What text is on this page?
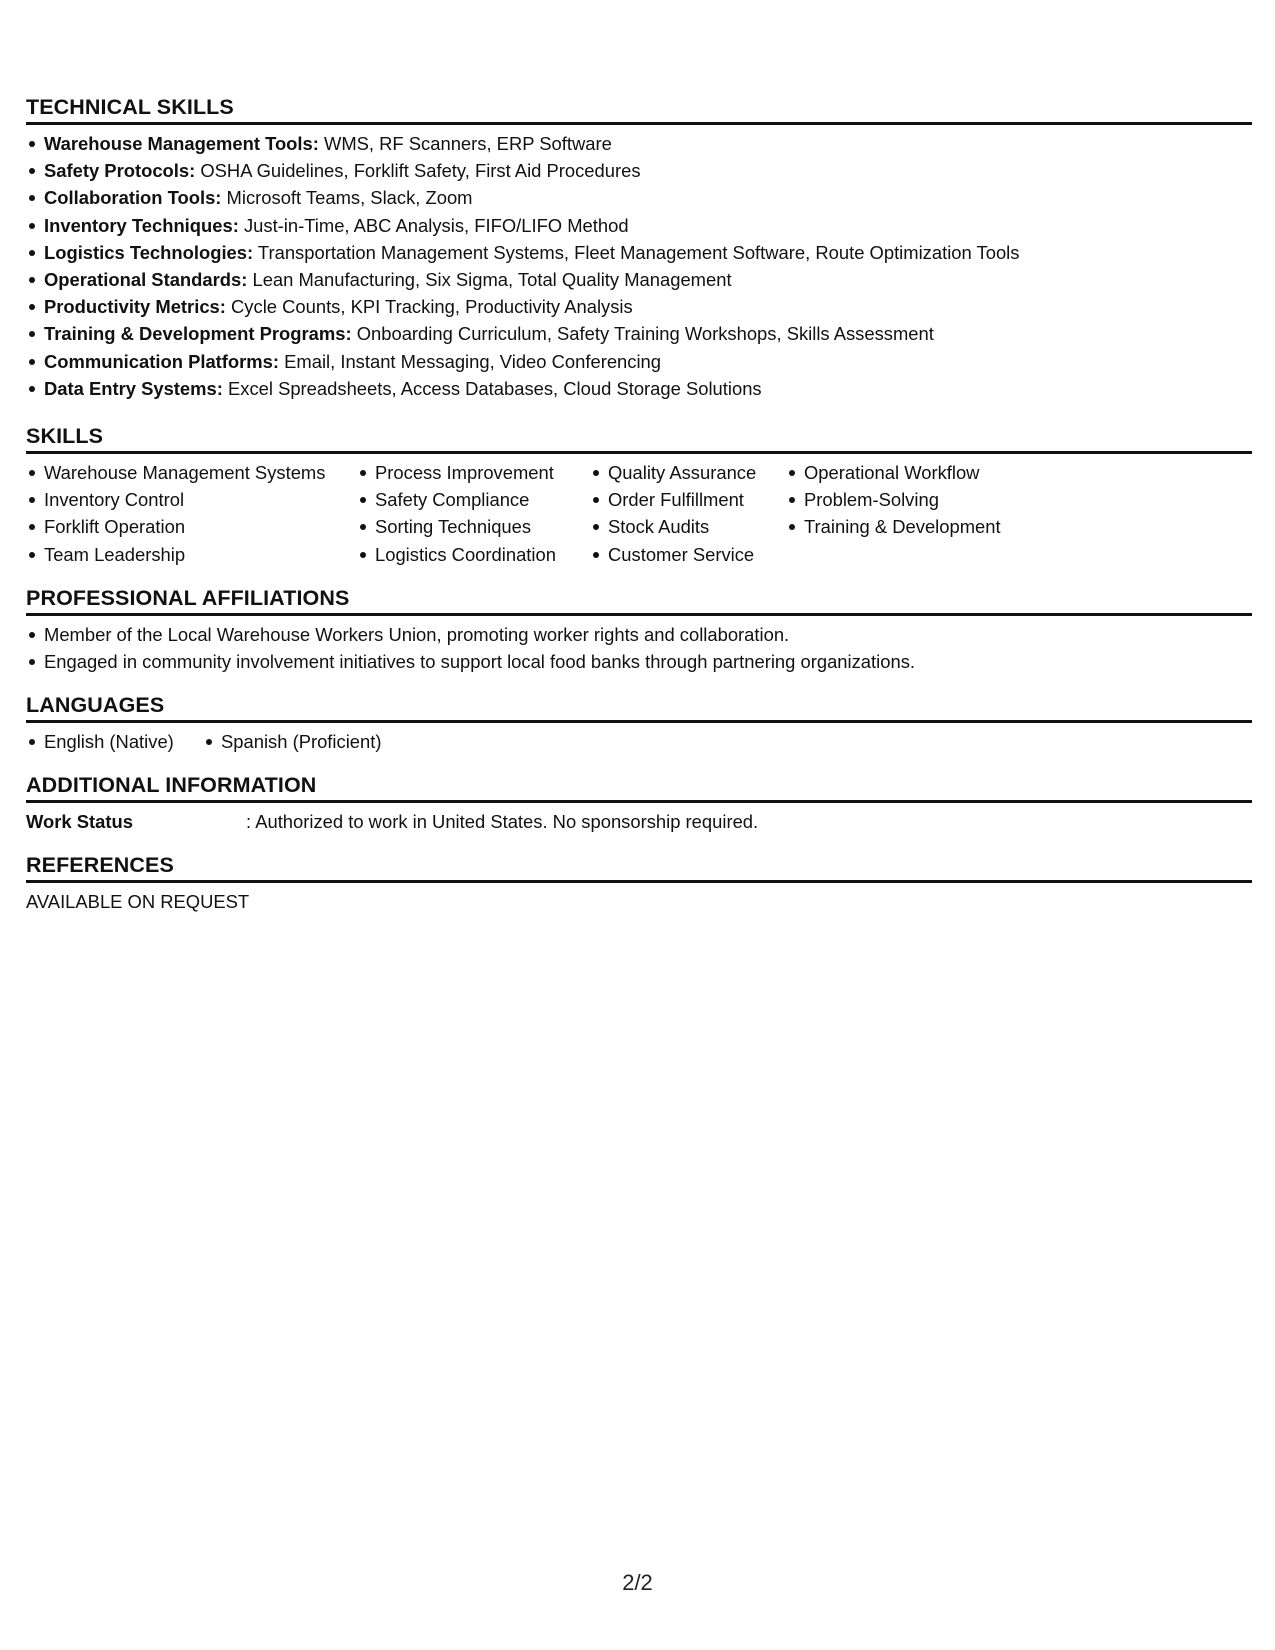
TECHNICAL SKILLS
Warehouse Management Tools: WMS, RF Scanners, ERP Software
Safety Protocols: OSHA Guidelines, Forklift Safety, First Aid Procedures
Collaboration Tools: Microsoft Teams, Slack, Zoom
Inventory Techniques: Just-in-Time, ABC Analysis, FIFO/LIFO Method
Logistics Technologies: Transportation Management Systems, Fleet Management Software, Route Optimization Tools
Operational Standards: Lean Manufacturing, Six Sigma, Total Quality Management
Productivity Metrics: Cycle Counts, KPI Tracking, Productivity Analysis
Training & Development Programs: Onboarding Curriculum, Safety Training Workshops, Skills Assessment
Communication Platforms: Email, Instant Messaging, Video Conferencing
Data Entry Systems: Excel Spreadsheets, Access Databases, Cloud Storage Solutions
SKILLS
Warehouse Management Systems
Inventory Control
Forklift Operation
Team Leadership
Process Improvement
Safety Compliance
Sorting Techniques
Logistics Coordination
Quality Assurance
Order Fulfillment
Stock Audits
Customer Service
Operational Workflow
Problem-Solving
Training & Development
PROFESSIONAL AFFILIATIONS
Member of the Local Warehouse Workers Union, promoting worker rights and collaboration.
Engaged in community involvement initiatives to support local food banks through partnering organizations.
LANGUAGES
English (Native)	Spanish (Proficient)
ADDITIONAL INFORMATION
Work Status	: Authorized to work in United States. No sponsorship required.
REFERENCES
AVAILABLE ON REQUEST
2/2
